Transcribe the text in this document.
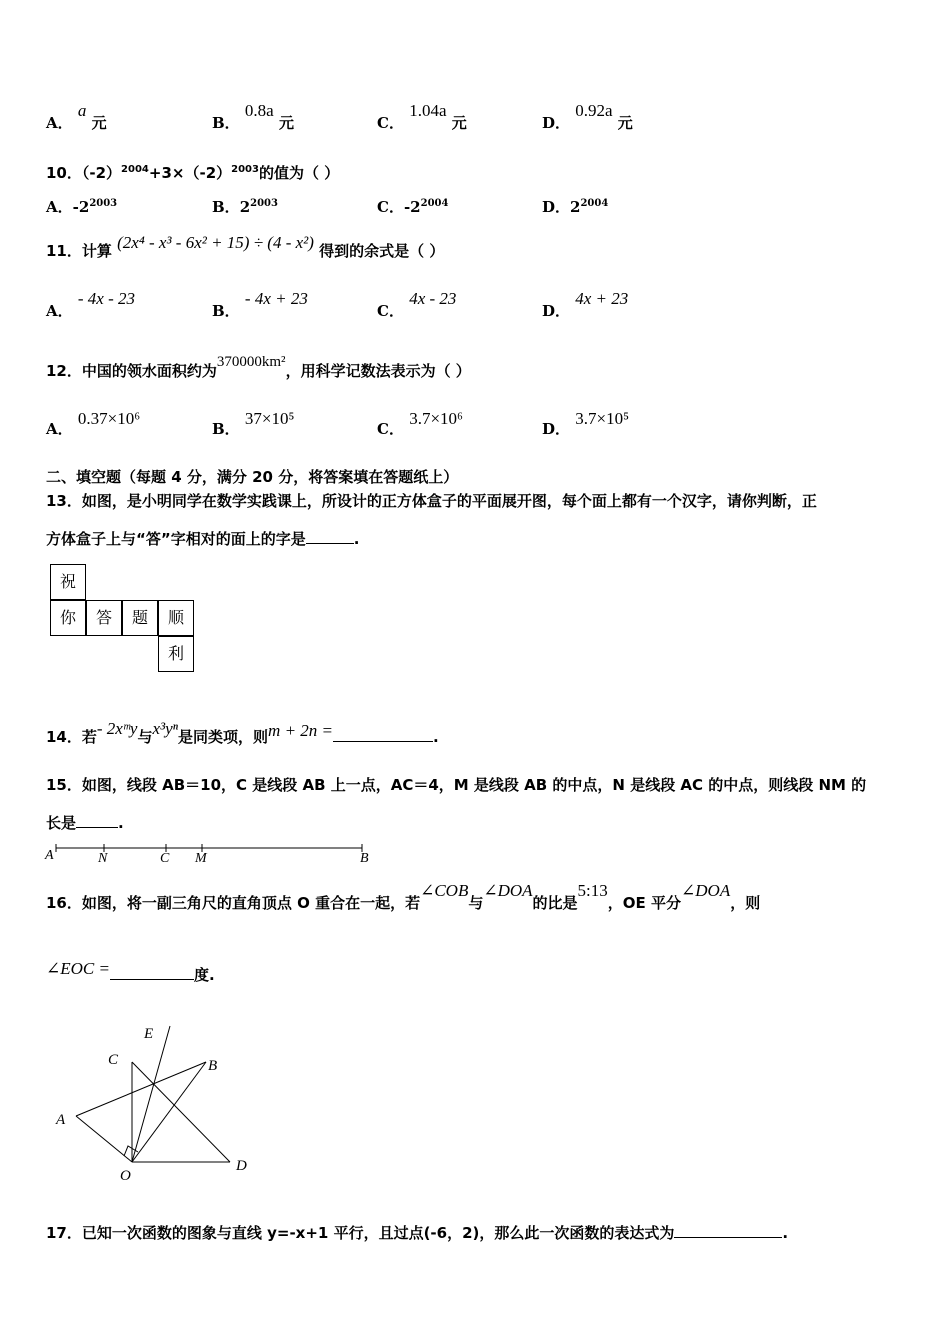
A． a 元	B． 0.8a 元	C． 1.04a 元	D． 0.92a 元
10．$(-2)^{2004}+3\times(-2)^{2003}$的值为（ ）
A．$-2^{2003}$	B．$2^{2003}$	C．$-2^{2004}$	D．$2^{2004}$
11．计算 (2x⁴ - x³ - 6x² + 15) ÷ (4 - x²) 得到的余式是（ ）
A． - 4x - 23
B． - 4x + 23
C． 4x - 23
D． 4x + 23
12．中国的领水面积约为370000km²，用科学记数法表示为（ ）
A． 0.37×10⁶
B． 37×10⁵
C． 3.7×10⁶
D． 3.7×10⁵
二、填空题（每题 4 分，满分 20 分，将答案填在答题纸上）
13．如图，是小明同学在数学实践课上，所设计的正方体盒子的平面展开图，每个面上都有一个汉字，请你判断，正
方体盒子上与“答”字相对的面上的字是	.
祝
你	答	题	顺
利
14．若- 2xᵐy与x³yⁿ是同类项，则m + 2n =	.
15．如图，线段 AB＝10，C 是线段 AB 上一点，AC＝4，M 是线段 AB 的中点，N 是线段 AC 的中点，则线段 NM 的
长是	.
A	N	C M	B
16．如图，将一副三角尺的直角顶点 O 重合在一起，若∠COB与∠DOA的比是5:13，OE 平分∠DOA，则
∠EOC =	度.
E
C	B
A
O
D
17．已知一次函数的图象与直线 y=-x+1 平行，且过点(-6，2)，那么此一次函数的表达式为	.
